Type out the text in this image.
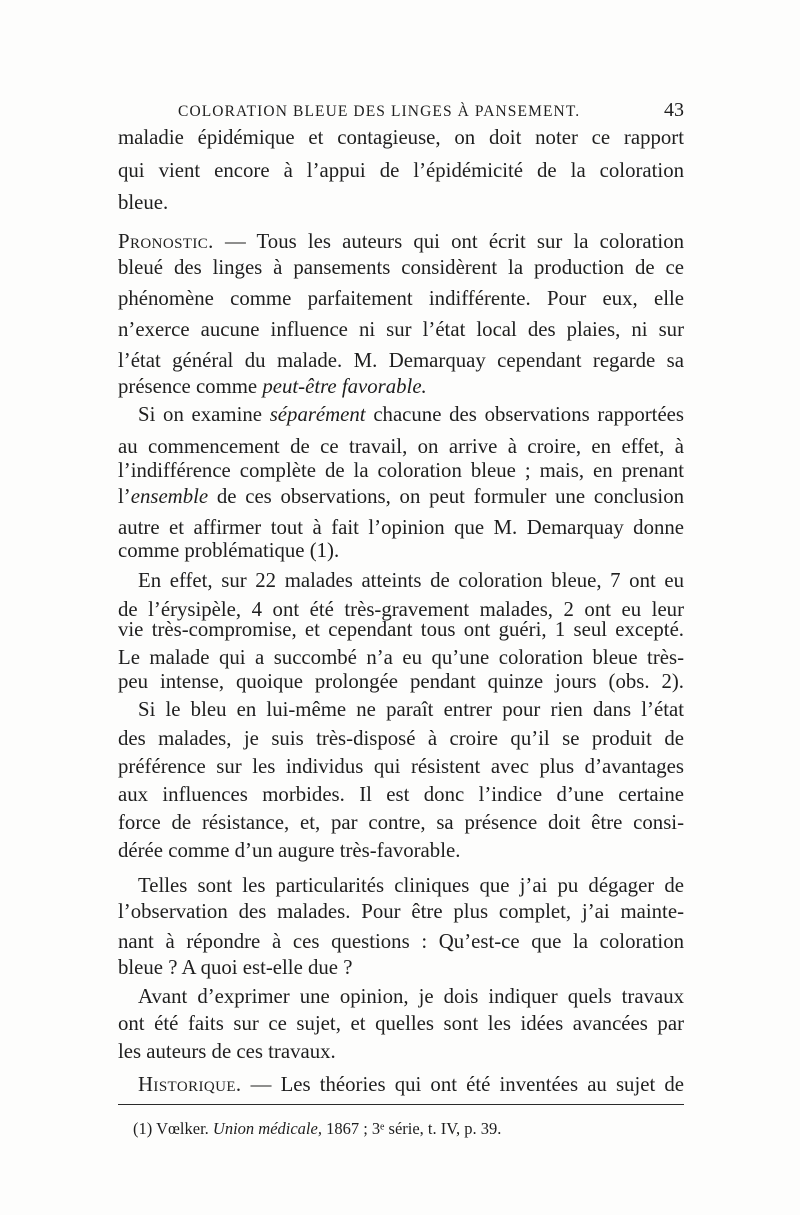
COLORATION BLEUE DES LINGES À PANSEMENT.	43
maladie épidémique et contagieuse, on doit noter ce rapport
qui vient encore à l’appui de l’épidémicité de la coloration
bleue.
Pronostic. — Tous les auteurs qui ont écrit sur la coloration
bleué des linges à pansements considèrent la production de ce
phénomène comme parfaitement indifférente. Pour eux, elle
n’exerce aucune influence ni sur l’état local des plaies, ni sur
l’état général du malade. M. Demarquay cependant regarde sa
présence comme peut-être favorable.
Si on examine séparément chacune des observations rapportées
au commencement de ce travail, on arrive à croire, en effet, à
l’indifférence complète de la coloration bleue ; mais, en prenant
l’ensemble de ces observations, on peut formuler une conclusion
autre et affirmer tout à fait l’opinion que M. Demarquay donne
comme problématique (1).
En effet, sur 22 malades atteints de coloration bleue, 7 ont eu
de l’érysipèle, 4 ont été très-gravement malades, 2 ont eu leur
vie très-compromise, et cependant tous ont guéri, 1 seul excepté.
Le malade qui a succombé n’a eu qu’une coloration bleue très-
peu intense, quoique prolongée pendant quinze jours (obs. 2).
Si le bleu en lui-même ne paraît entrer pour rien dans l’état
des malades, je suis très-disposé à croire qu’il se produit de
préférence sur les individus qui résistent avec plus d’avantages
aux influences morbides. Il est donc l’indice d’une certaine
force de résistance, et, par contre, sa présence doit être consi-
dérée comme d’un augure très-favorable.
Telles sont les particularités cliniques que j’ai pu dégager de
l’observation des malades. Pour être plus complet, j’ai mainte-
nant à répondre à ces questions : Qu’est-ce que la coloration
bleue ? A quoi est-elle due ?
Avant d’exprimer une opinion, je dois indiquer quels travaux
ont été faits sur ce sujet, et quelles sont les idées avancées par
les auteurs de ces travaux.
Historique. — Les théories qui ont été inventées au sujet de
(1) Vœlker. Union médicale, 1867 ; 3ᵉ série, t. IV, p. 39.
